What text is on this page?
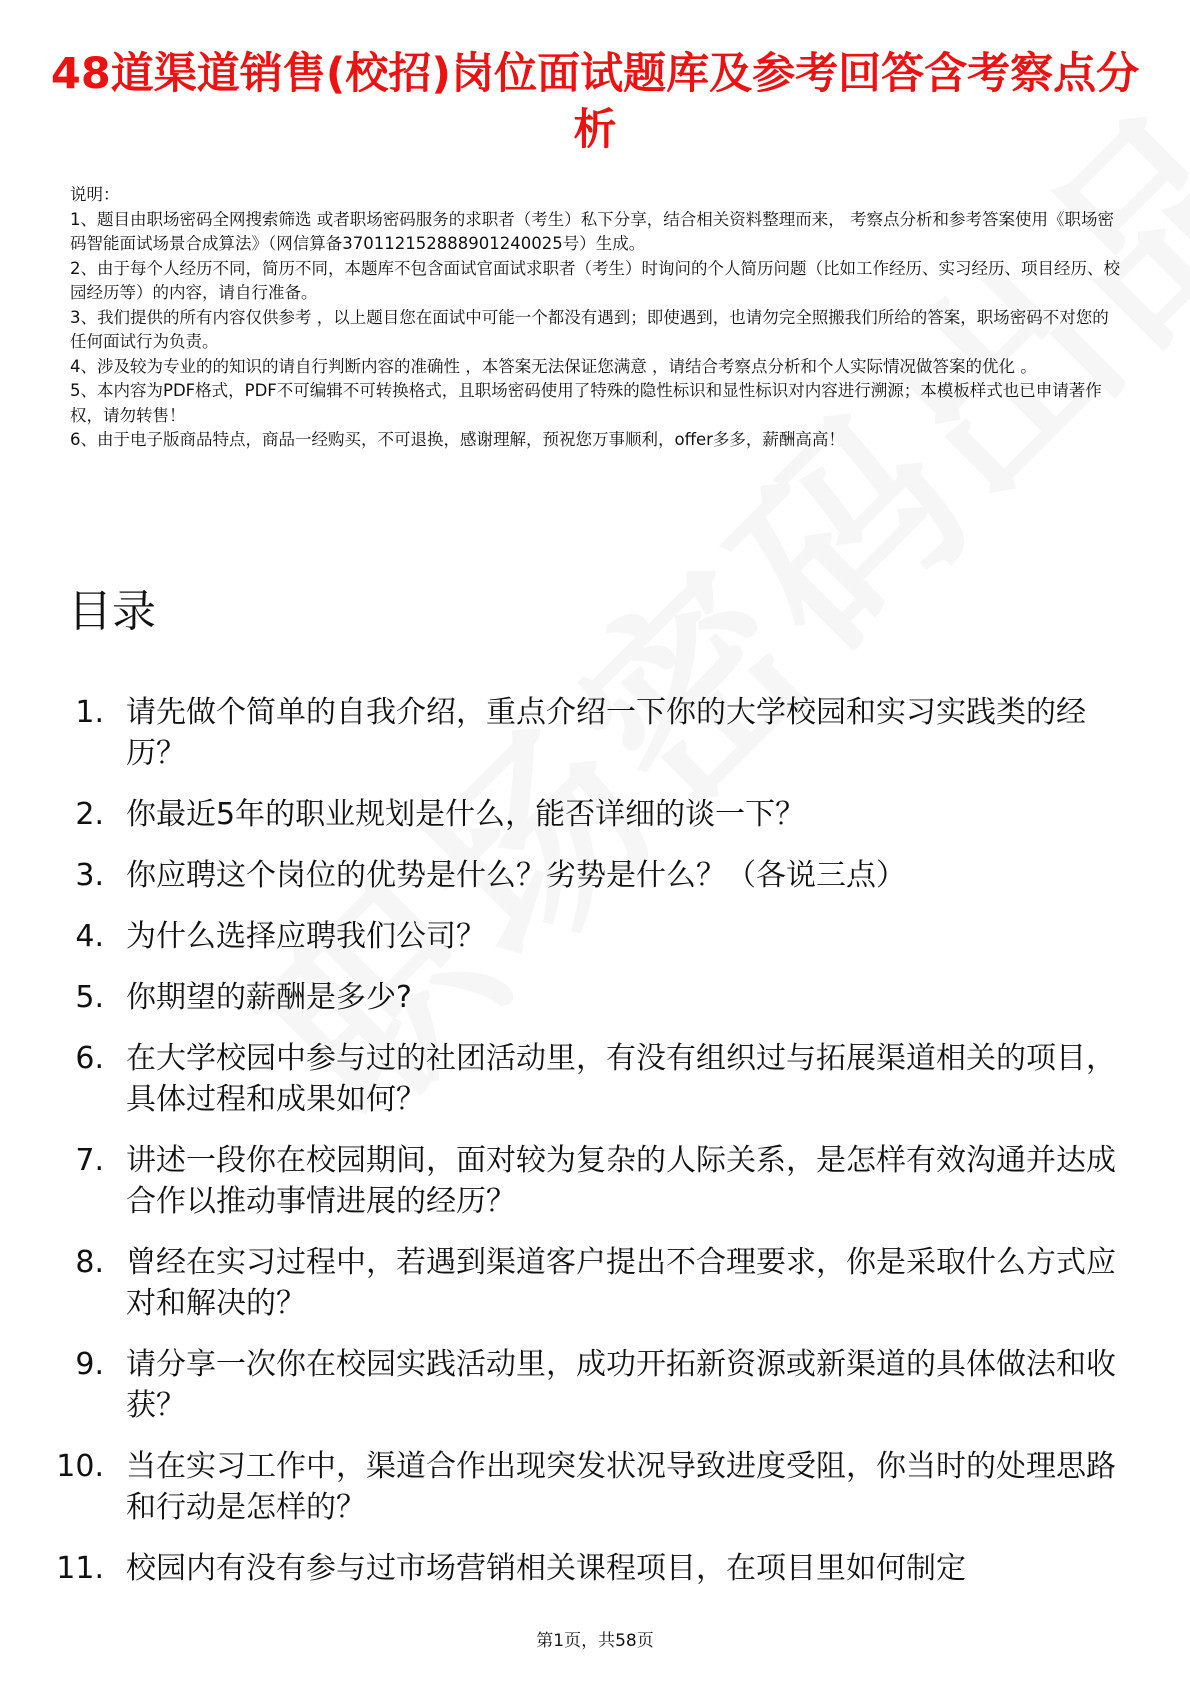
48道渠道销售(校招)岗位面试题库及参考回答含考察点分析

说明：

1、题目由职场密码全网搜索筛选 或者职场密码服务的求职者（考生）私下分享，结合相关资料整理而来， 考察点分析和参考答案使用《职场密码智能面试场景合成算法》（网信算备370112152888901240025号）生成。

2、由于每个人经历不同，简历不同，本题库不包含面试官面试求职者（考生）时询问的个人简历问题（比如工作经历、实习经历、项目经历、校园经历等）的内容，请自行准备。

3、我们提供的所有内容仅供参考 ，以上题目您在面试中可能一个都没有遇到；即使遇到，也请勿完全照搬我们所给的答案，职场密码不对您的任何面试行为负责。

4、涉及较为专业的的知识的请自行判断内容的准确性 ，本答案无法保证您满意 ，请结合考察点分析和个人实际情况做答案的优化 。

5、本内容为PDF格式，PDF不可编辑不可转换格式，且职场密码使用了特殊的隐性标识和显性标识对内容进行溯源；本模板样式也已申请著作权，请勿转售！

6、由于电子版商品特点，商品一经购买，不可退换，感谢理解，预祝您万事顺利，offer多多，薪酬高高！

目录
1. 请先做个简单的自我介绍，重点介绍一下你的大学校园和实习实践类的经历？
2. 你最近5年的职业规划是什么，能否详细的谈一下？
3. 你应聘这个岗位的优势是什么？劣势是什么？（各说三点）
4. 为什么选择应聘我们公司？
5. 你期望的薪酬是多少?
6. 在大学校园中参与过的社团活动里，有没有组织过与拓展渠道相关的项目，具体过程和成果如何？
7. 讲述一段你在校园期间，面对较为复杂的人际关系，是怎样有效沟通并达成合作以推动事情进展的经历？
8. 曾经在实习过程中，若遇到渠道客户提出不合理要求，你是采取什么方式应对和解决的？
9. 请分享一次你在校园实践活动里，成功开拓新资源或新渠道的具体做法和收获？
10. 当在实习工作中，渠道合作出现突发状况导致进度受阻，你当时的处理思路和行动是怎样的？
11. 校园内有没有参与过市场营销相关课程项目，在项目里如何制定
第1页，共58页
